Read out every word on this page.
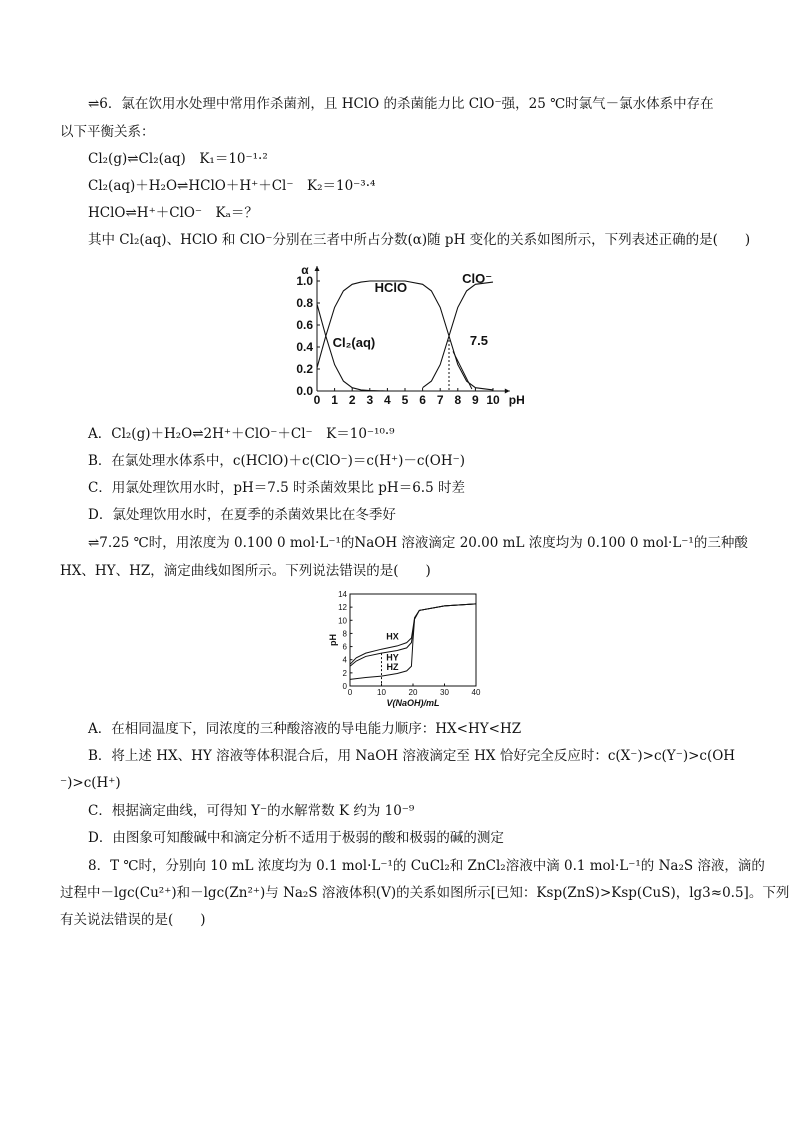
⇌6．氯在饮用水处理中常用作杀菌剂，且 HClO 的杀菌能力比 ClO⁻强，25 ℃时氯气－氯水体系中存在
以下平衡关系：
Cl₂(g)⇌Cl₂(aq)　K₁＝10⁻¹·²
Cl₂(aq)＋H₂O⇌HClO＋H⁺＋Cl⁻　K₂＝10⁻³·⁴
HClO⇌H⁺＋ClO⁻　Kₐ＝？
其中 Cl₂(aq)、HClO 和 ClO⁻分别在三者中所占分数(α)随 pH 变化的关系如图所示，下列表述正确的是(　　)
0 1 2 3 4 5 6 7 8 9 10
0.0
0.2
0.4
0.6
0.8
1.0
α
pH
HClO
Cl₂(aq)
ClO⁻
7.5
A．Cl₂(g)＋H₂O⇌2H⁺＋ClO⁻＋Cl⁻　K＝10⁻¹⁰·⁹
B．在氯处理水体系中，c(HClO)＋c(ClO⁻)＝c(H⁺)－c(OH⁻)
C．用氯处理饮用水时，pH＝7.5 时杀菌效果比 pH＝6.5 时差
D．氯处理饮用水时，在夏季的杀菌效果比在冬季好
⇌7.25 ℃时，用浓度为 0.100 0 mol·L⁻¹的NaOH 溶液滴定 20.00 mL 浓度均为 0.100 0 mol·L⁻¹的三种酸
HX、HY、HZ，滴定曲线如图所示。下列说法错误的是(　　)
0	10	20	30	40
0
2
4
6
8
10
12
14
pH
V(NaOH)/mL
HX
HY
HZ
A．在相同温度下，同浓度的三种酸溶液的导电能力顺序：HX<HY<HZ
B．将上述 HX、HY 溶液等体积混合后，用 NaOH 溶液滴定至 HX 恰好完全反应时：c(X⁻)>c(Y⁻)>c(OH
⁻)>c(H⁺)
C．根据滴定曲线，可得知 Y⁻的水解常数 K 约为 10⁻⁹
D．由图象可知酸碱中和滴定分析不适用于极弱的酸和极弱的碱的测定
8．T ℃时，分别向 10 mL 浓度均为 0.1 mol·L⁻¹的 CuCl₂和 ZnCl₂溶液中滴 0.1 mol·L⁻¹的 Na₂S 溶液，滴的
过程中－lgc(Cu²⁺)和－lgc(Zn²⁺)与 Na₂S 溶液体积(V)的关系如图所示[已知：Ksp(ZnS)>Ksp(CuS)，lg3≈0.5]。下列
有关说法错误的是(　　)
